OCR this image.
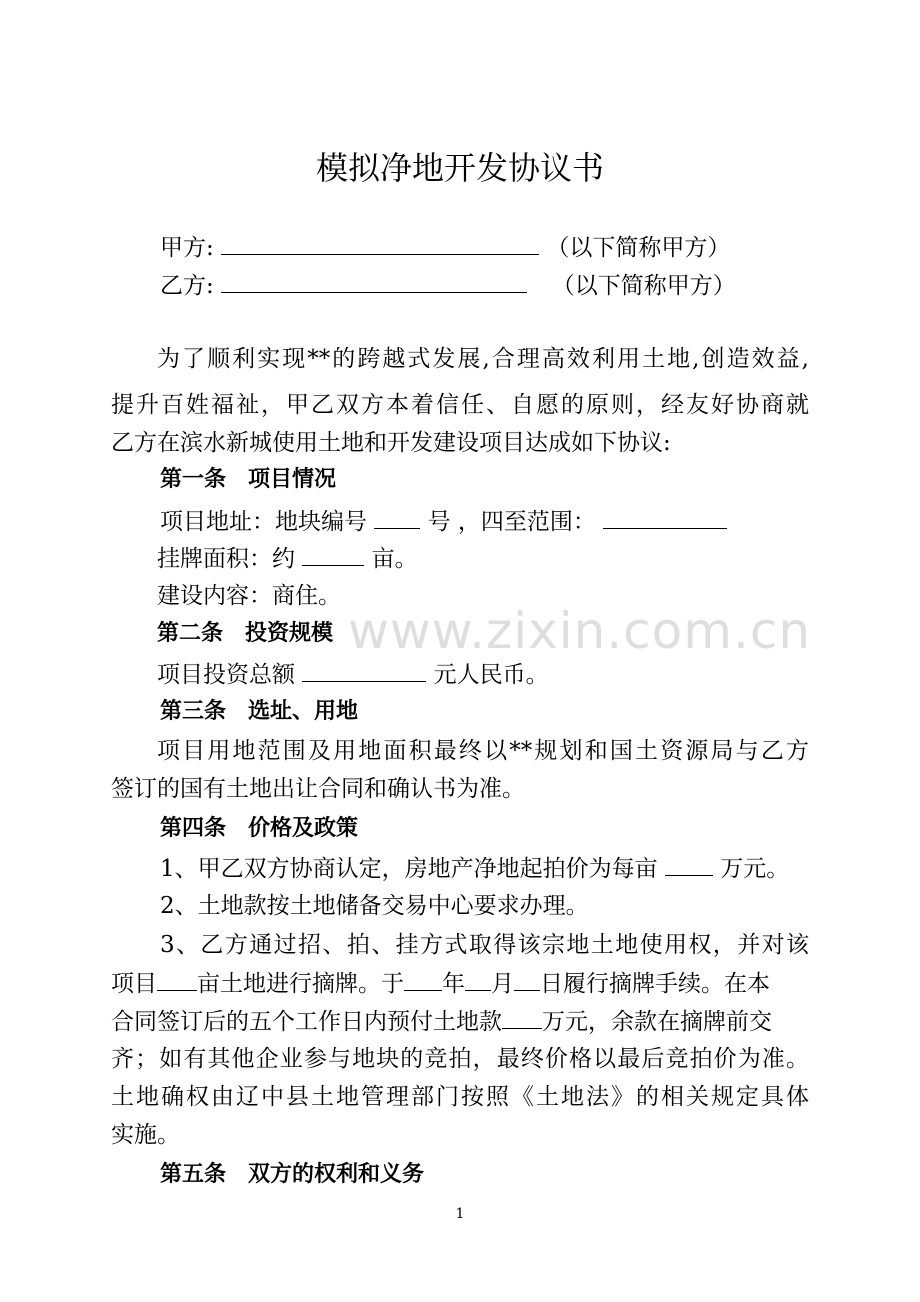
模拟净地开发协议书
甲方:	（以下简称甲方）
乙方:	（以下简称甲方）
为了顺利实现**的跨越式发展,合理高效利用土地,创造效益,
提升百姓福祉，甲乙双方本着信任、自愿的原则，经友好协商就
乙方在滨水新城使用土地和开发建设项目达成如下协议:
第一条　项目情况
项目地址：地块编号	号 ，四至范围：
挂牌面积：约	亩。
建设内容：商住。
第二条　投资规模
项目投资总额	元人民币。
第三条　选址、用地
项目用地范围及用地面积最终以**规划和国土资源局与乙方
签订的国有土地出让合同和确认书为准。
第四条　价格及政策
1、甲乙双方协商认定，房地产净地起拍价为每亩	万元。
2、土地款按土地储备交易中心要求办理。
3、乙方通过招、拍、挂方式取得该宗地土地使用权，并对该
项目 亩土地进行摘牌。于 年 月 日履行摘牌手续。在本
合同签订后的五个工作日内预付土地款 万元，余款在摘牌前交
齐；如有其他企业参与地块的竞拍，最终价格以最后竞拍价为准。
土地确权由辽中县土地管理部门按照《土地法》的相关规定具体
实施。
第五条　双方的权利和义务
www.zixin.com.cn
1
